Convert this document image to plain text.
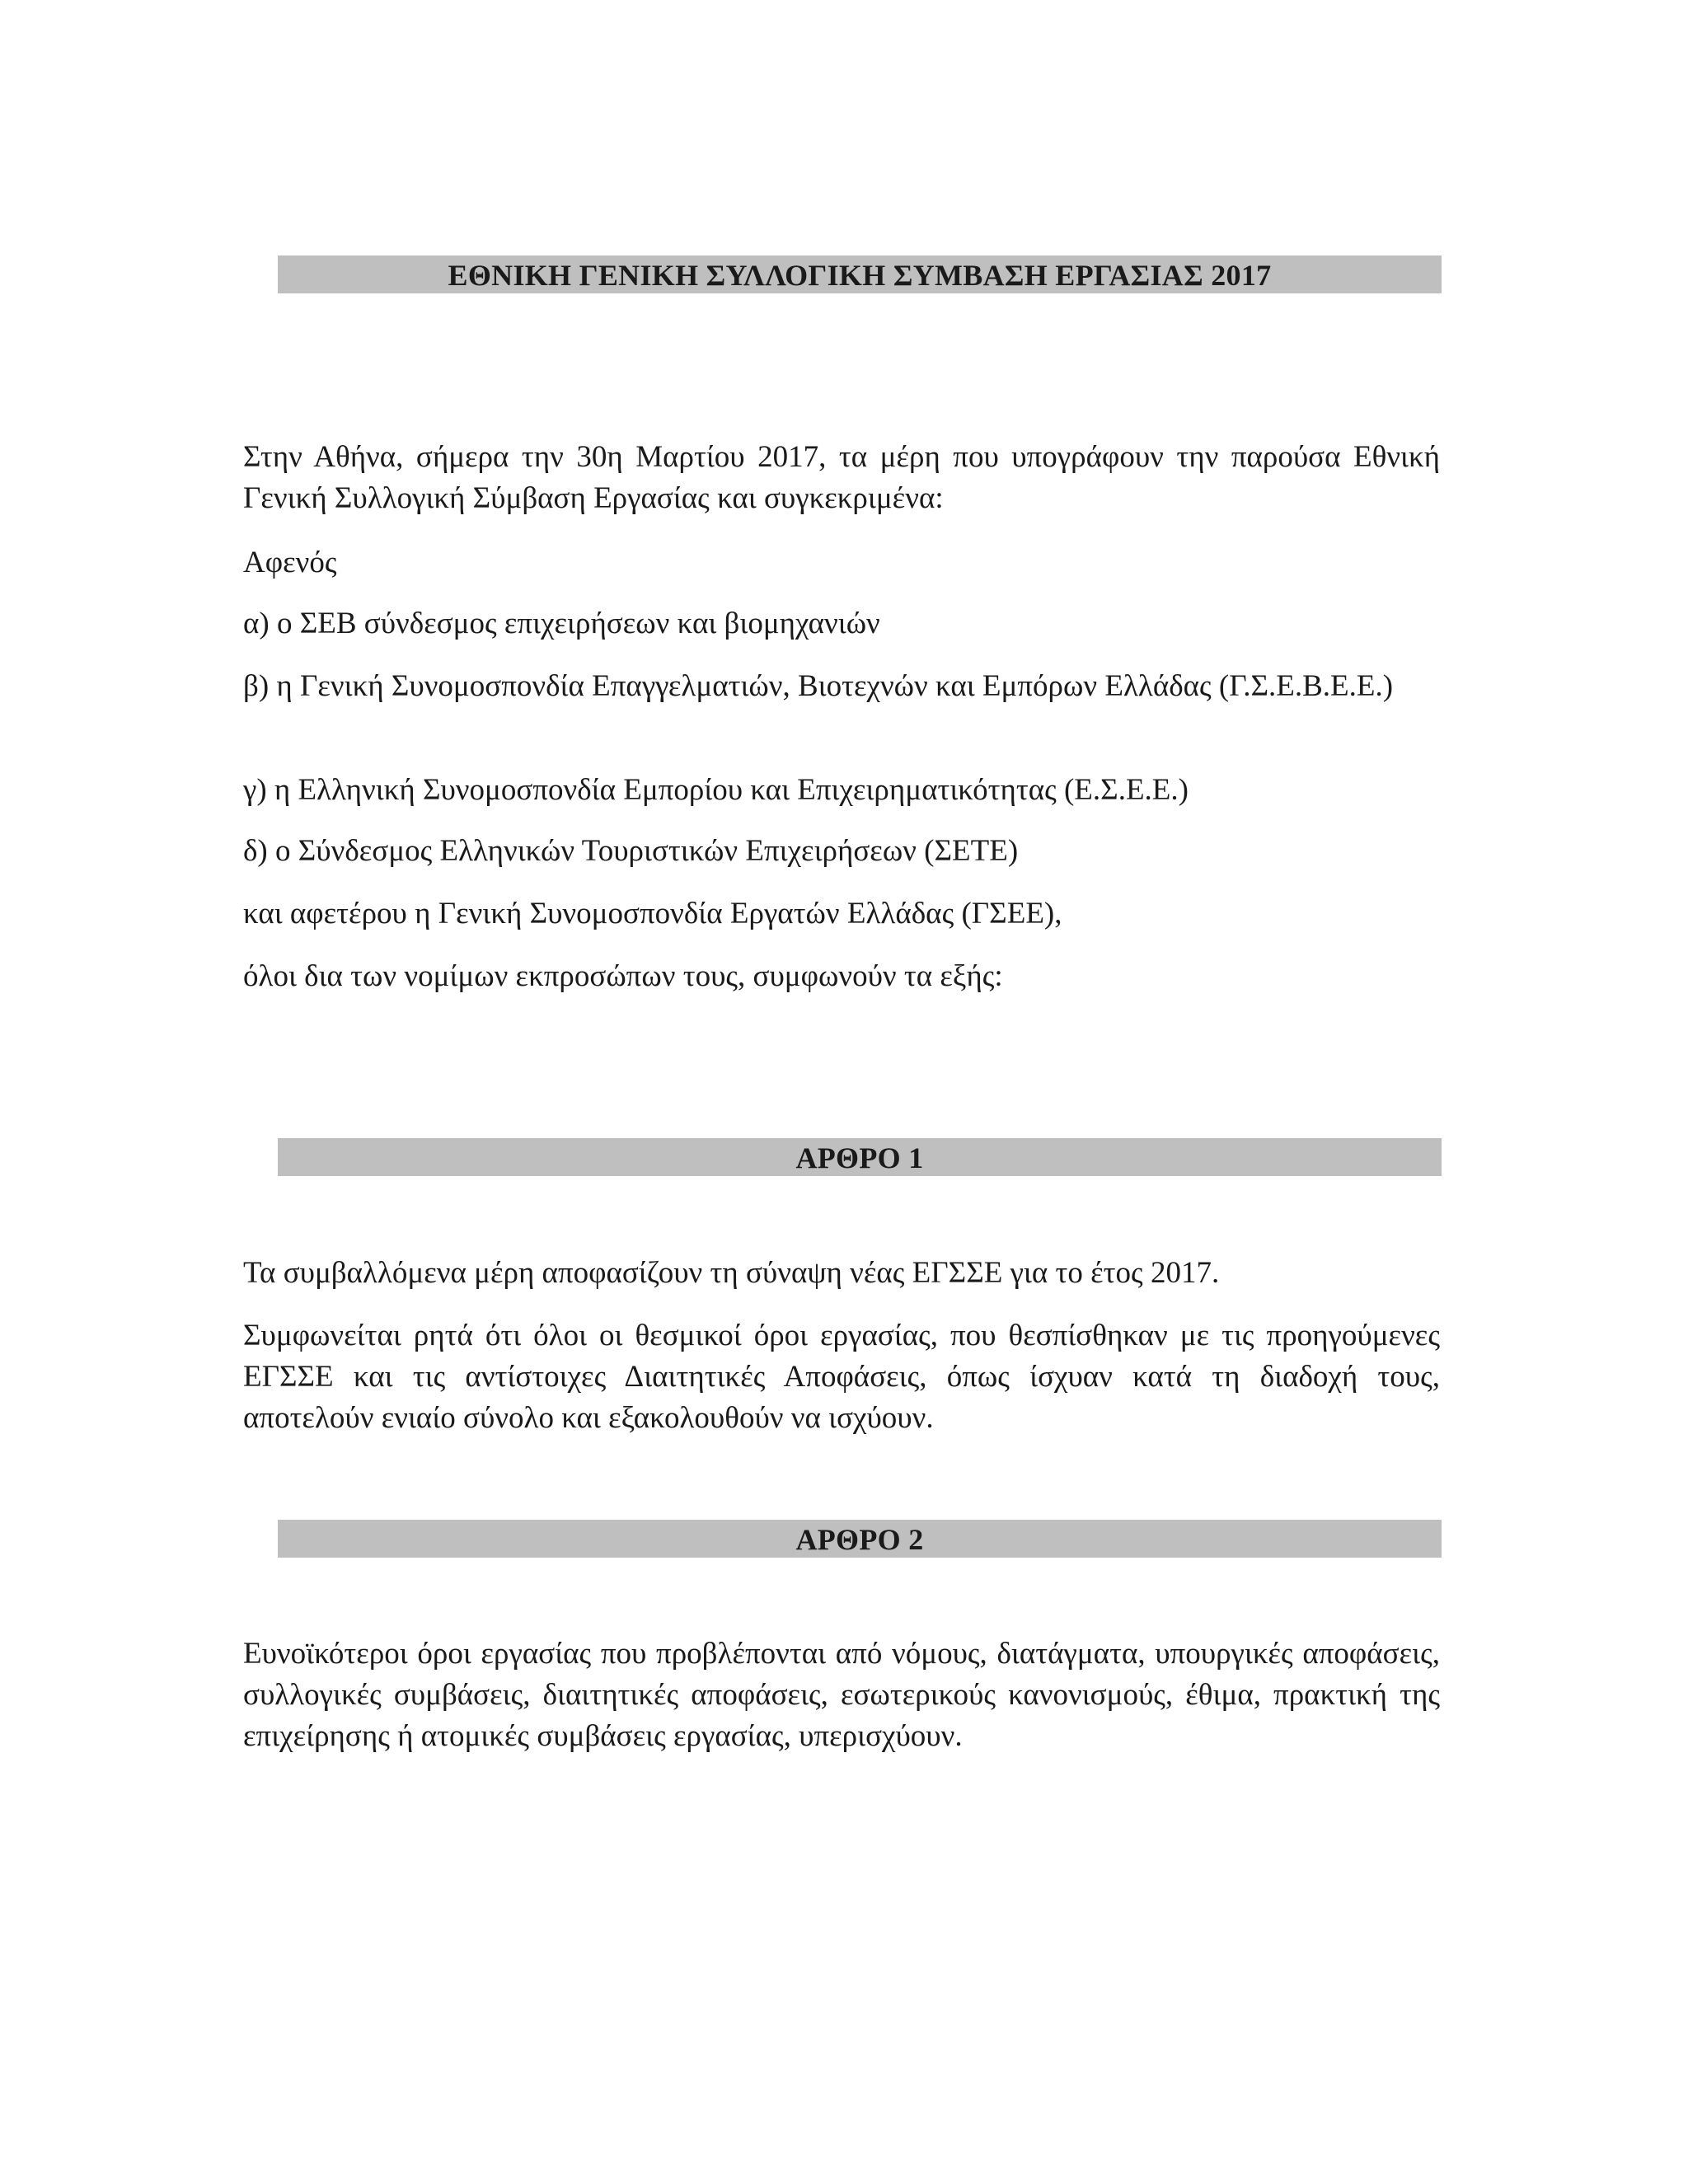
ΕΘΝΙΚΗ ΓΕΝΙΚΗ ΣΥΛΛΟΓΙΚΗ ΣΥΜΒΑΣΗ ΕΡΓΑΣΙΑΣ 2017

Στην Αθήνα, σήμερα την 30η Μαρτίου 2017, τα μέρη που υπογράφουν την παρούσα Εθνική Γενική Συλλογική Σύμβαση Εργασίας και συγκεκριμένα:

Αφενός

α) ο ΣΕΒ σύνδεσμος επιχειρήσεων και βιομηχανιών

β) η Γενική Συνομοσπονδία Επαγγελματιών, Βιοτεχνών και Εμπόρων Ελλάδας (Γ.Σ.Ε.Β.Ε.Ε.)

γ) η Ελληνική Συνομοσπονδία Εμπορίου και Επιχειρηματικότητας (Ε.Σ.Ε.Ε.)

δ) ο Σύνδεσμος Ελληνικών Τουριστικών Επιχειρήσεων (ΣΕΤΕ)

και αφετέρου η Γενική Συνομοσπονδία Εργατών Ελλάδας (ΓΣΕΕ),

όλοι δια των νομίμων εκπροσώπων τους, συμφωνούν τα εξής:

ΑΡΘΡΟ 1

Τα συμβαλλόμενα μέρη αποφασίζουν τη σύναψη νέας ΕΓΣΣΕ για το έτος 2017.

Συμφωνείται ρητά ότι όλοι οι θεσμικοί όροι εργασίας, που θεσπίσθηκαν με τις προηγούμενες ΕΓΣΣΕ και τις αντίστοιχες Διαιτητικές Αποφάσεις, όπως ίσχυαν κατά τη διαδοχή τους, αποτελούν ενιαίο σύνολο και εξακολουθούν να ισχύουν.

ΑΡΘΡΟ 2

Ευνοϊκότεροι όροι εργασίας που προβλέπονται από νόμους, διατάγματα, υπουργικές αποφάσεις, συλλογικές συμβάσεις, διαιτητικές αποφάσεις, εσωτερικούς κανονισμούς, έθιμα, πρακτική της επιχείρησης ή ατομικές συμβάσεις εργασίας, υπερισχύουν.
